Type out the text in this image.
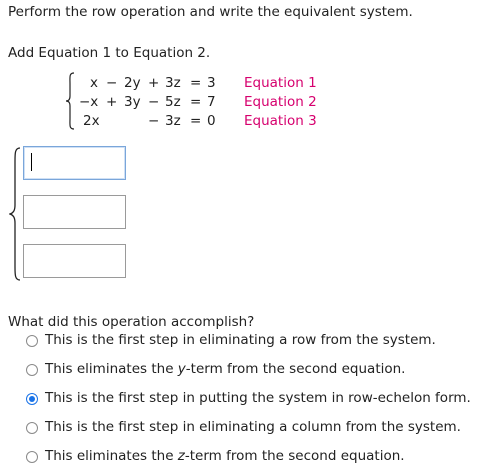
Perform the row operation and write the equivalent system.
Add Equation 1 to Equation 2.
x − 2y + 3z = 3 Equation 1
−x + 3y − 5z = 7 Equation 2
2x	− 3z = 0 Equation 3
What did this operation accomplish?
This is the first step in eliminating a row from the system.
This eliminates the y-term from the second equation.
This is the first step in putting the system in row-echelon form.
This is the first step in eliminating a column from the system.
This eliminates the z-term from the second equation.
